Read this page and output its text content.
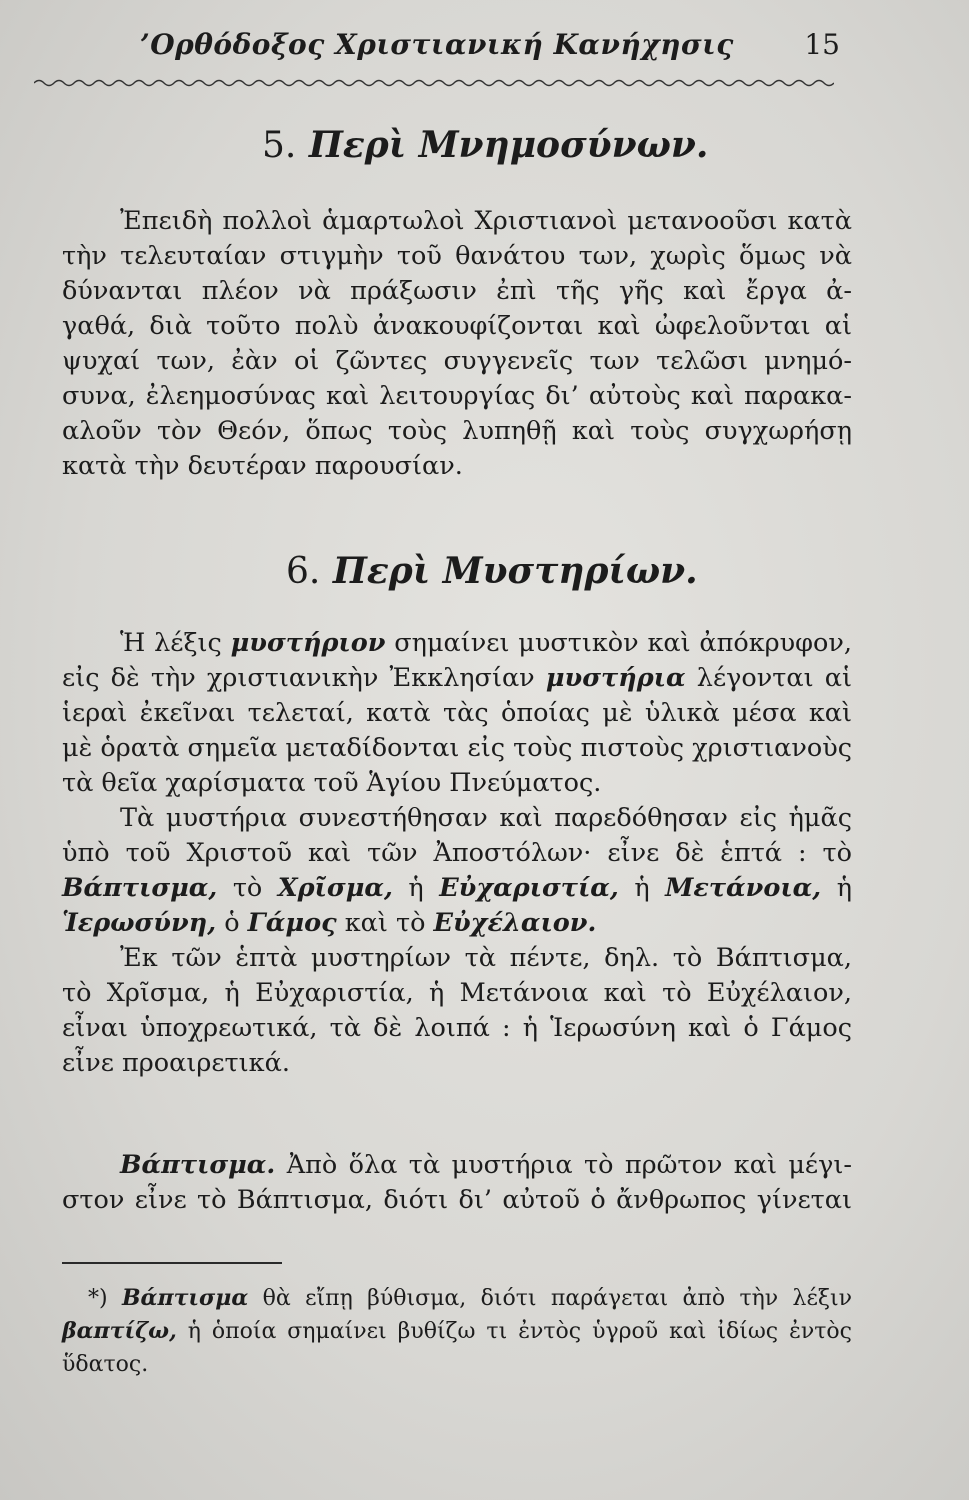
’Ορθόδοξος Χριστιανική Κανήχησις	15
5. Περὶ Μνημοσύνων.
Ἐπειδὴ πολλοὶ ἁμαρτωλοὶ Χριστιανοὶ μετανοοῦσι κατὰ
τὴν τελευταίαν στιγμὴν τοῦ θανάτου των, χωρὶς ὅμως νὰ
δύνανται πλέον νὰ πράξωσιν ἐπὶ τῆς γῆς καὶ ἔργα ἀ-
γαθά, διὰ τοῦτο πολὺ ἀνακουφίζονται καὶ ὠφελοῦνται αἱ
ψυχαί των, ἐὰν οἱ ζῶντες συγγενεῖς των τελῶσι μνημό-
συνα, ἐλεημοσύνας καὶ λειτουργίας δι’ αὐτοὺς καὶ παρακα-
αλοῦν τὸν Θεόν, ὅπως τοὺς λυπηθῇ καὶ τοὺς συγχωρήσῃ
κατὰ τὴν δευτέραν παρουσίαν.
6. Περὶ Μυστηρίων.
Ἡ λέξις μυστήριον σημαίνει μυστικὸν καὶ ἀπόκρυφον,
εἰς δὲ τὴν χριστιανικὴν Ἐκκλησίαν μυστήρια λέγονται αἱ
ἱεραὶ ἐκεῖναι τελεταί, κατὰ τὰς ὁποίας μὲ ὑλικὰ μέσα καὶ
μὲ ὁρατὰ σημεῖα μεταδίδονται εἰς τοὺς πιστοὺς χριστιανοὺς
τὰ θεῖα χαρίσματα τοῦ Ἁγίου Πνεύματος.
Τὰ μυστήρια συνεστήθησαν καὶ παρεδόθησαν εἰς ἡμᾶς
ὑπὸ τοῦ Χριστοῦ καὶ τῶν Ἀποστόλων· εἶνε δὲ ἑπτά : τὸ
Βάπτισμα, τὸ Χρῖσμα, ἡ Εὐχαριστία, ἡ Μετάνοια, ἡ
Ἱερωσύνη, ὁ Γάμος καὶ τὸ Εὐχέλαιον.
Ἐκ τῶν ἑπτὰ μυστηρίων τὰ πέντε, δηλ. τὸ Βάπτισμα,
τὸ Χρῖσμα, ἡ Εὐχαριστία, ἡ Μετάνοια καὶ τὸ Εὐχέλαιον,
εἶναι ὑποχρεωτικά, τὰ δὲ λοιπά : ἡ Ἱερωσύνη καὶ ὁ Γάμος
εἶνε προαιρετικά.
Βάπτισμα. Ἀπὸ ὅλα τὰ μυστήρια τὸ πρῶτον καὶ μέγι-
στον εἶνε τὸ Βάπτισμα, διότι δι’ αὐτοῦ ὁ ἄνθρωπος γίνεται
*) Βάπτισμα θὰ εἴπῃ βύθισμα, διότι παράγεται ἀπὸ τὴν λέξιν
βαπτίζω, ἡ ὁποία σημαίνει βυθίζω τι ἐντὸς ὑγροῦ καὶ ἰδίως ἐντὸς
ὕδατος.
